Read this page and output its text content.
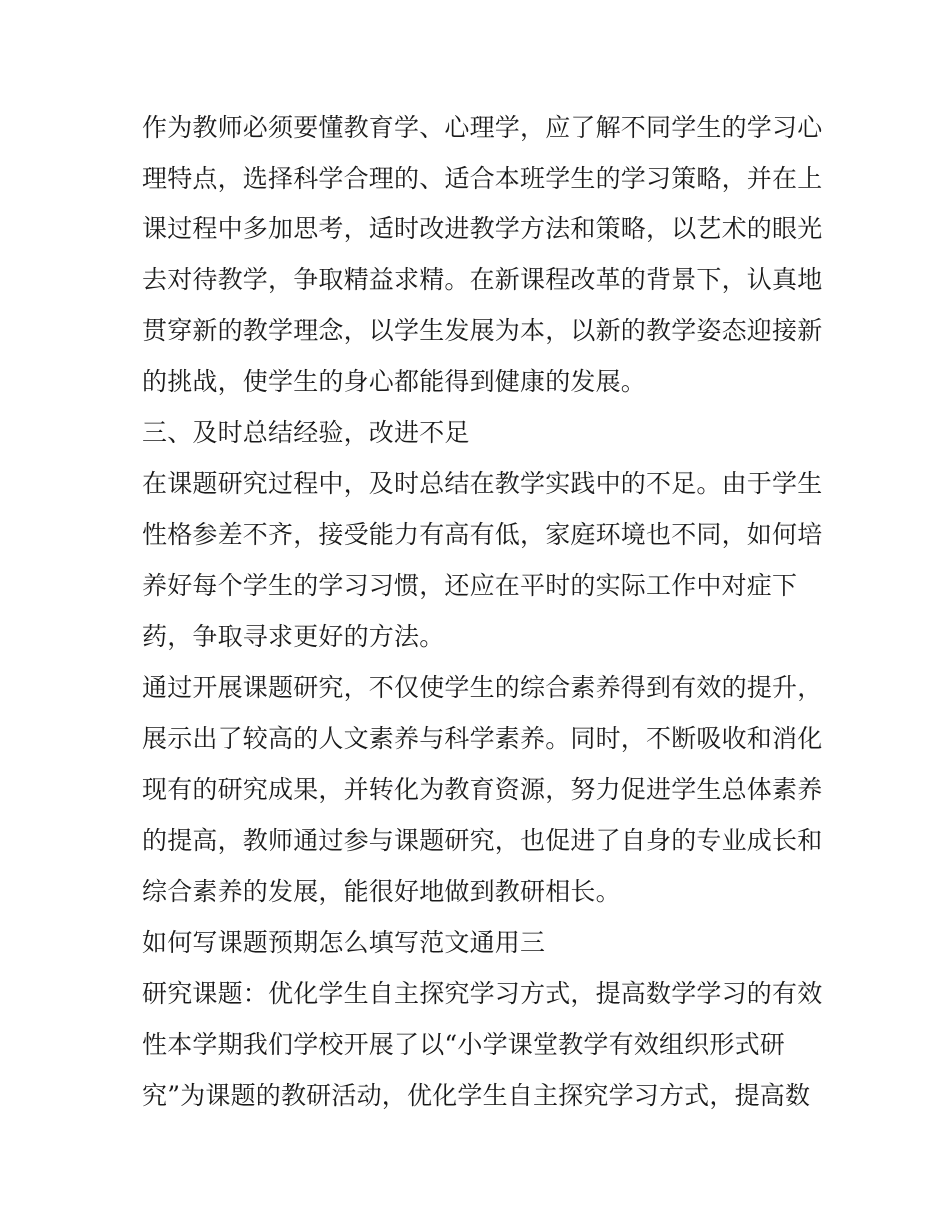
作为教师必须要懂教育学、心理学，应了解不同学生的学习心
理特点，选择科学合理的、适合本班学生的学习策略，并在上
课过程中多加思考，适时改进教学方法和策略，以艺术的眼光
去对待教学，争取精益求精。在新课程改革的背景下，认真地
贯穿新的教学理念，以学生发展为本，以新的教学姿态迎接新
的挑战，使学生的身心都能得到健康的发展。
三、及时总结经验，改进不足
在课题研究过程中，及时总结在教学实践中的不足。由于学生
性格参差不齐，接受能力有高有低，家庭环境也不同，如何培
养好每个学生的学习习惯，还应在平时的实际工作中对症下
药，争取寻求更好的方法。
通过开展课题研究，不仅使学生的综合素养得到有效的提升，
展示出了较高的人文素养与科学素养。同时，不断吸收和消化
现有的研究成果，并转化为教育资源，努力促进学生总体素养
的提高，教师通过参与课题研究，也促进了自身的专业成长和
综合素养的发展，能很好地做到教研相长。
如何写课题预期怎么填写范文通用三
研究课题：优化学生自主探究学习方式，提高数学学习的有效
性本学期我们学校开展了以“小学课堂教学有效组织形式研
究”为课题的教研活动，优化学生自主探究学习方式，提高数
